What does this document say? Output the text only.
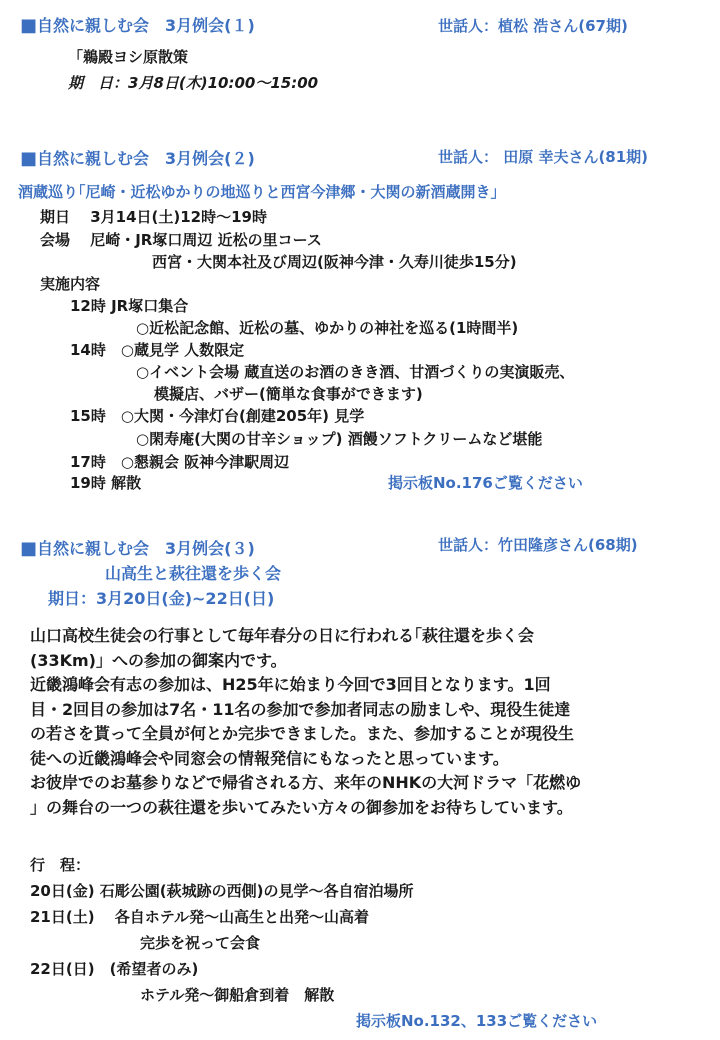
■自然に親しむ会　3月例会(１)	世話人：植松 浩さん(67期)
「鵜殿ヨシ原散策
期　日：3月8日(木)10:00～15:00
■自然に親しむ会　3月例会(２)	世話人： 田原 幸夫さん(81期)
酒蔵巡り｢尼崎・近松ゆかりの地巡りと西宮今津郷・大関の新酒蔵開き」
期日　 3月14日(土)12時～19時
会場　 尼崎・JR塚口周辺 近松の里コース
西宮・大関本社及び周辺(阪神今津・久寿川徒歩15分)
実施内容
12時 JR塚口集合
○近松記念館、近松の墓、ゆかりの神社を巡る(1時間半)
14時　○蔵見学 人数限定
○イベント会場 蔵直送のお酒のきき酒、甘酒づくりの実演販売、
模擬店、バザー(簡単な食事ができます)
15時　○大関・今津灯台(創建205年) 見学
○閑寿庵(大関の甘辛ショップ) 酒饅ソフトクリームなど堪能
17時　○懇親会 阪神今津駅周辺
19時 解散	掲示板No.176ご覧ください
■自然に親しむ会　3月例会(３)	世話人：竹田隆彦さん(68期)
山高生と萩往還を歩く会
期日：3月20日(金)~22日(日)

山口高校生徒会の行事として毎年春分の日に行われる｢萩往還を歩く会

(33Km)」への参加の御案内です。

近畿鴻峰会有志の参加は、H25年に始まり今回で3回目となります。1回

目・2回目の参加は7名・11名の参加で参加者同志の励ましや、現役生徒達

の若さを貰って全員が何とか完歩できました。また、参加することが現役生

徒への近畿鴻峰会や同窓会の情報発信にもなったと思っています。

お彼岸でのお墓参りなどで帰省される方、来年のNHKの大河ドラマ「花燃ゆ

」の舞台の一つの萩往還を歩いてみたい方々の御参加をお待ちしています。

行　程：
20日(金) 石彫公園(萩城跡の西側)の見学～各自宿泊場所
21日(土)　 各自ホテル発～山高生と出発～山高着
完歩を祝って会食
22日(日)　(希望者のみ)
ホテル発～御船倉到着　解散
掲示板No.132、133ご覧ください
